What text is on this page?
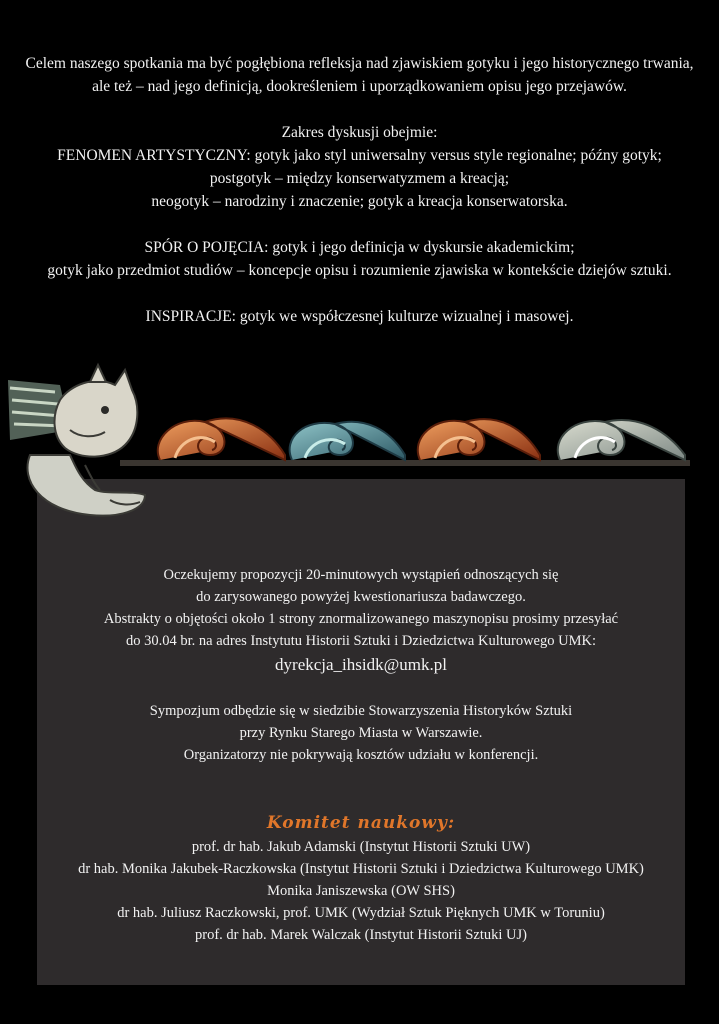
Celem naszego spotkania ma być pogłębiona refleksja nad zjawiskiem gotyku i jego historycznego trwania,

ale też – nad jego definicją, dookreśleniem i uporządkowaniem opisu jego przejawów.

Zakres dyskusji obejmie:

FENOMEN ARTYSTYCZNY: gotyk jako styl uniwersalny versus style regionalne; późny gotyk;

postgotyk – między konserwatyzmem a kreacją;

neogotyk – narodziny i znaczenie; gotyk a kreacja konserwatorska.

SPÓR O POJĘCIA: gotyk i jego definicja w dyskursie akademickim;

gotyk jako przedmiot studiów – koncepcje opisu i rozumienie zjawiska w kontekście dziejów sztuki.

INSPIRACJE: gotyk we współczesnej kulturze wizualnej i masowej.

Oczekujemy propozycji 20-minutowych wystąpień odnoszących się

do zarysowanego powyżej kwestionariusza badawczego.

Abstrakty o objętości około 1 strony znormalizowanego maszynopisu prosimy przesyłać

do 30.04 br. na adres Instytutu Historii Sztuki i Dziedzictwa Kulturowego UMK:

dyrekcja_ihsidk@umk.pl

Sympozjum odbędzie się w siedzibie Stowarzyszenia Historyków Sztuki

przy Rynku Starego Miasta w Warszawie.

Organizatorzy nie pokrywają kosztów udziału w konferencji.

Komitet naukowy:

prof. dr hab. Jakub Adamski (Instytut Historii Sztuki UW)

dr hab. Monika Jakubek-Raczkowska (Instytut Historii Sztuki i Dziedzictwa Kulturowego UMK)

Monika Janiszewska (OW SHS)

dr hab. Juliusz Raczkowski, prof. UMK (Wydział Sztuk Pięknych UMK w Toruniu)

prof. dr hab. Marek Walczak (Instytut Historii Sztuki UJ)
